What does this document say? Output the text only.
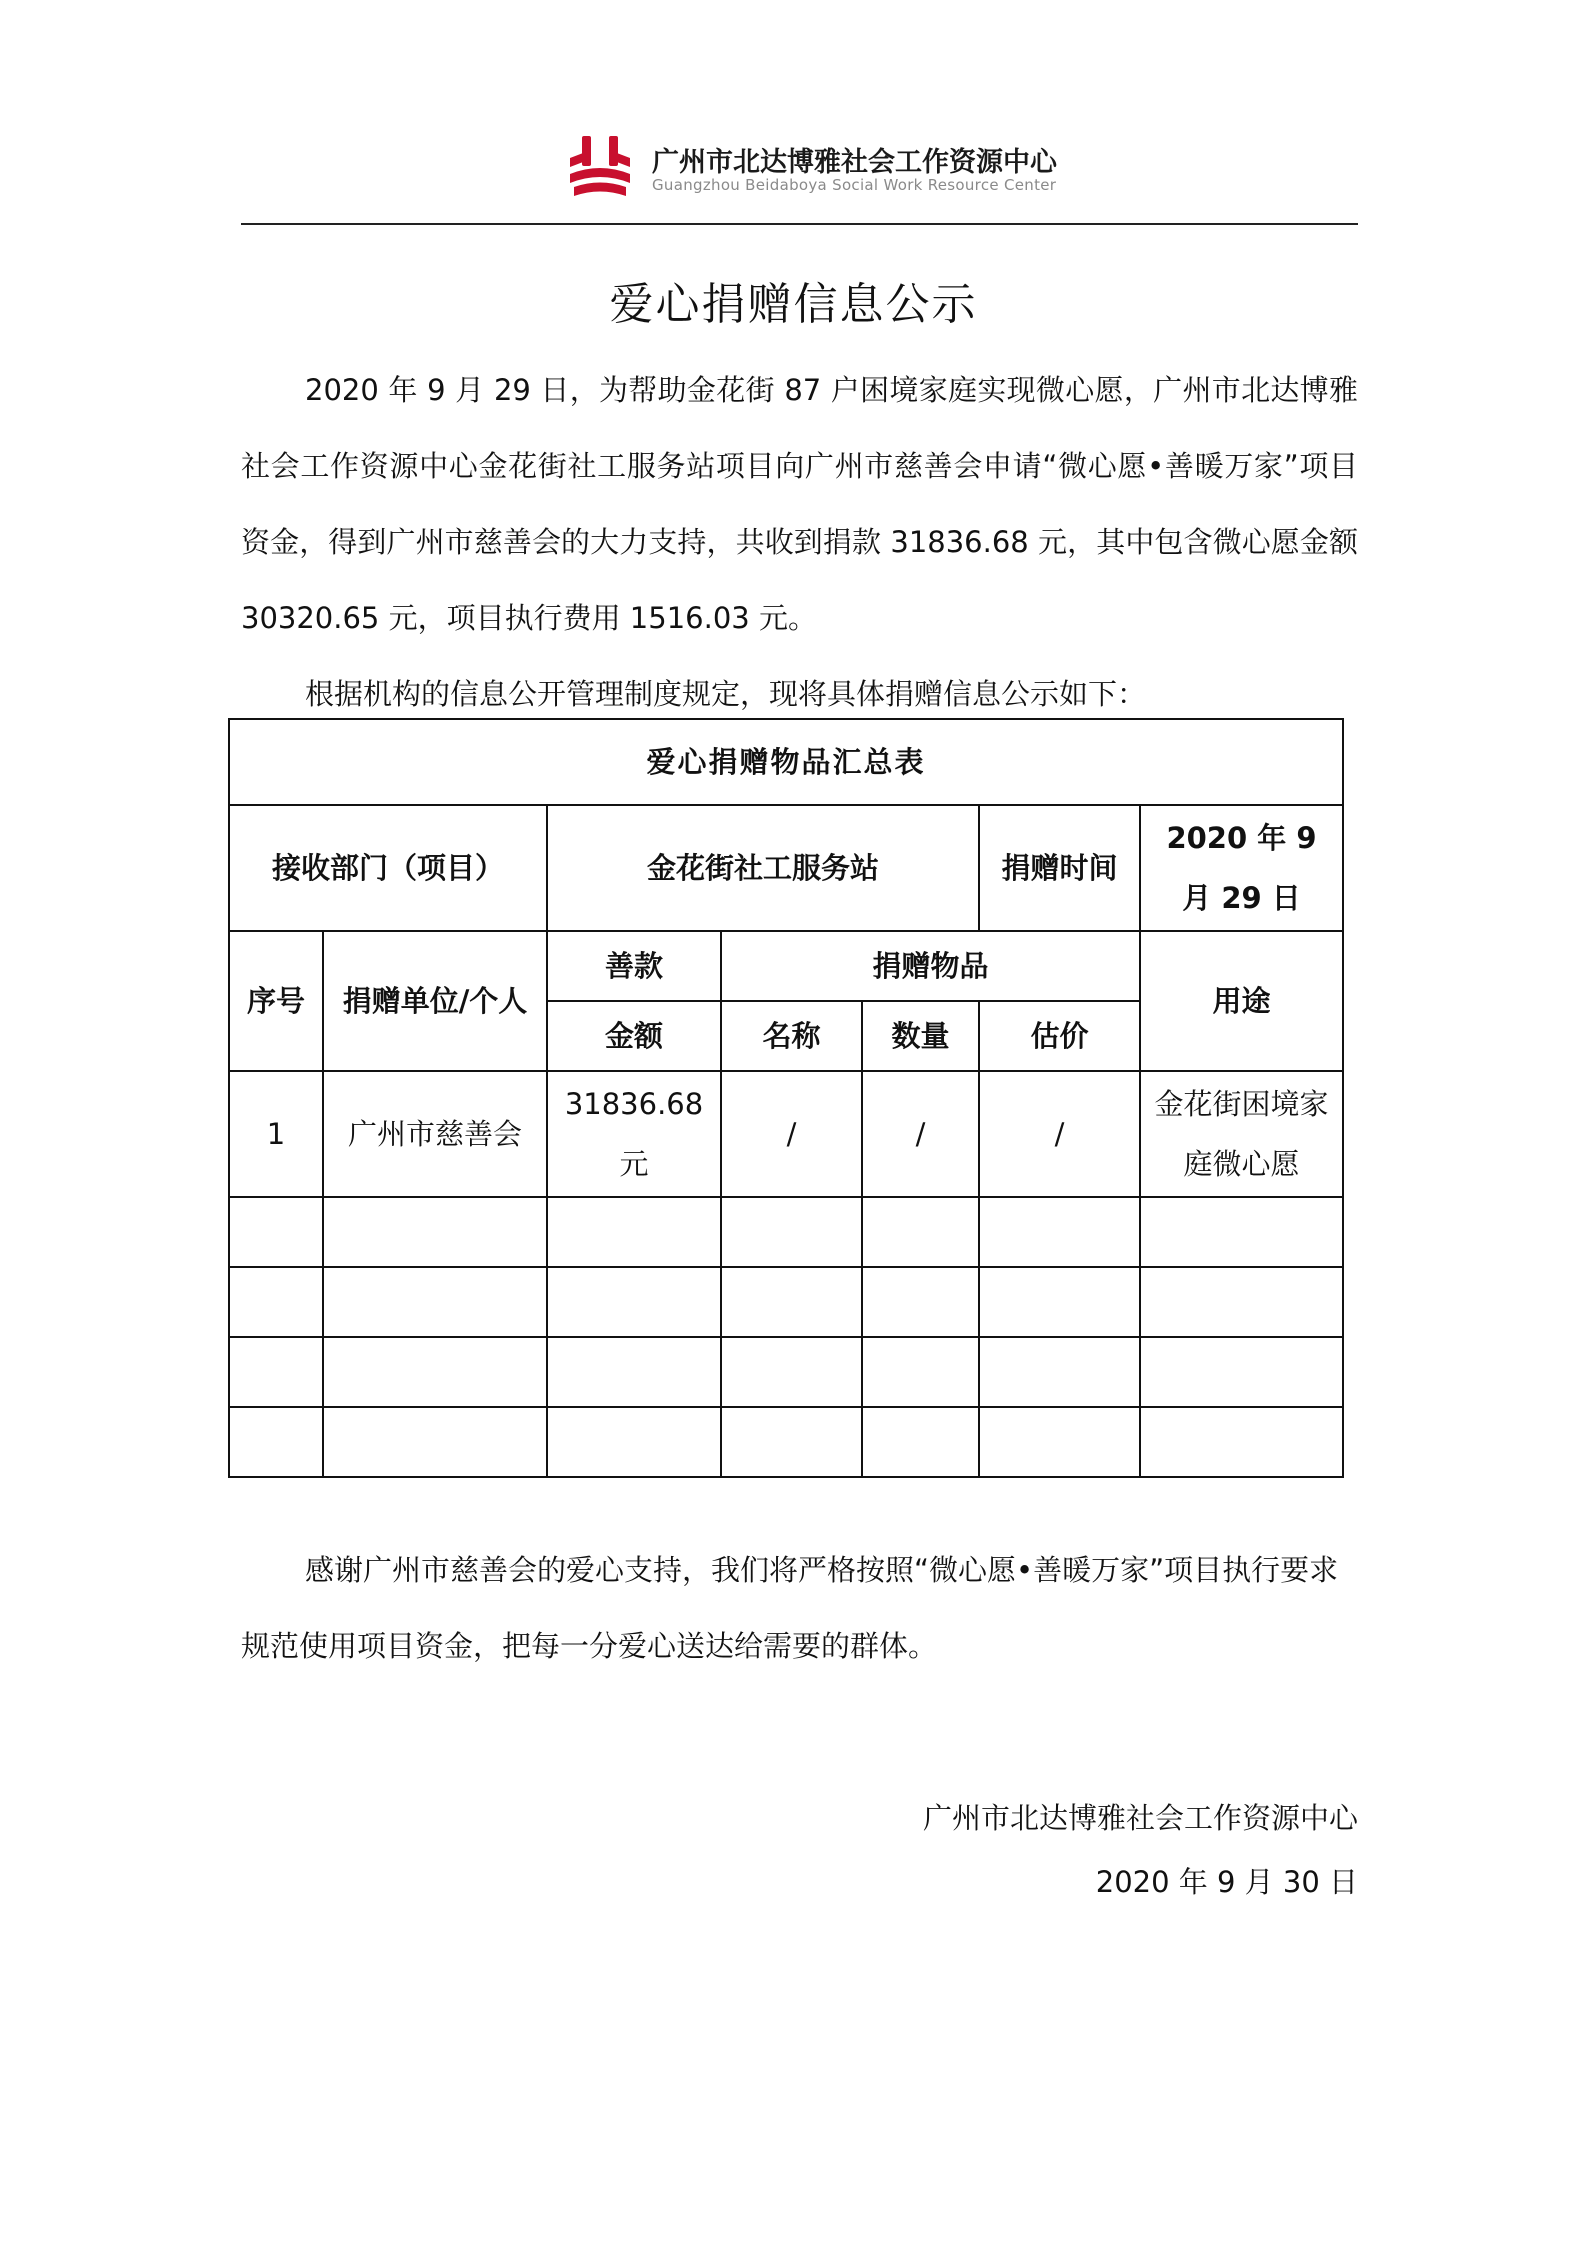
广州市北达博雅社会工作资源中心
Guangzhou Beidaboya Social Work Resource Center
爱心捐赠信息公示
2020 年 9 月 29 日，为帮助金花街 87 户困境家庭实现微心愿，广州市北达博雅社会工作资源中心金花街社工服务站项目向广州市慈善会申请“微心愿•善暖万家”项目资金，得到广州市慈善会的大力支持，共收到捐款 31836.68 元，其中包含微心愿金额 30320.65 元，项目执行费用 1516.03 元。
根据机构的信息公开管理制度规定，现将具体捐赠信息公示如下：
爱心捐赠物品汇总表						
接收部门（项目）		金花街社工服务站			捐赠时间	2020 年 9 月 29 日
序号	捐赠单位/个人	善款	捐赠物品			用途
		金额	名称	数量	估价	
1	广州市慈善会	31836.68 元	/	/	/	金花街困境家庭微心愿

感谢广州市慈善会的爱心支持，我们将严格按照“微心愿•善暖万家”项目执行要求规范使用项目资金，把每一分爱心送达给需要的群体。
广州市北达博雅社会工作资源中心
2020 年 9 月 30 日
